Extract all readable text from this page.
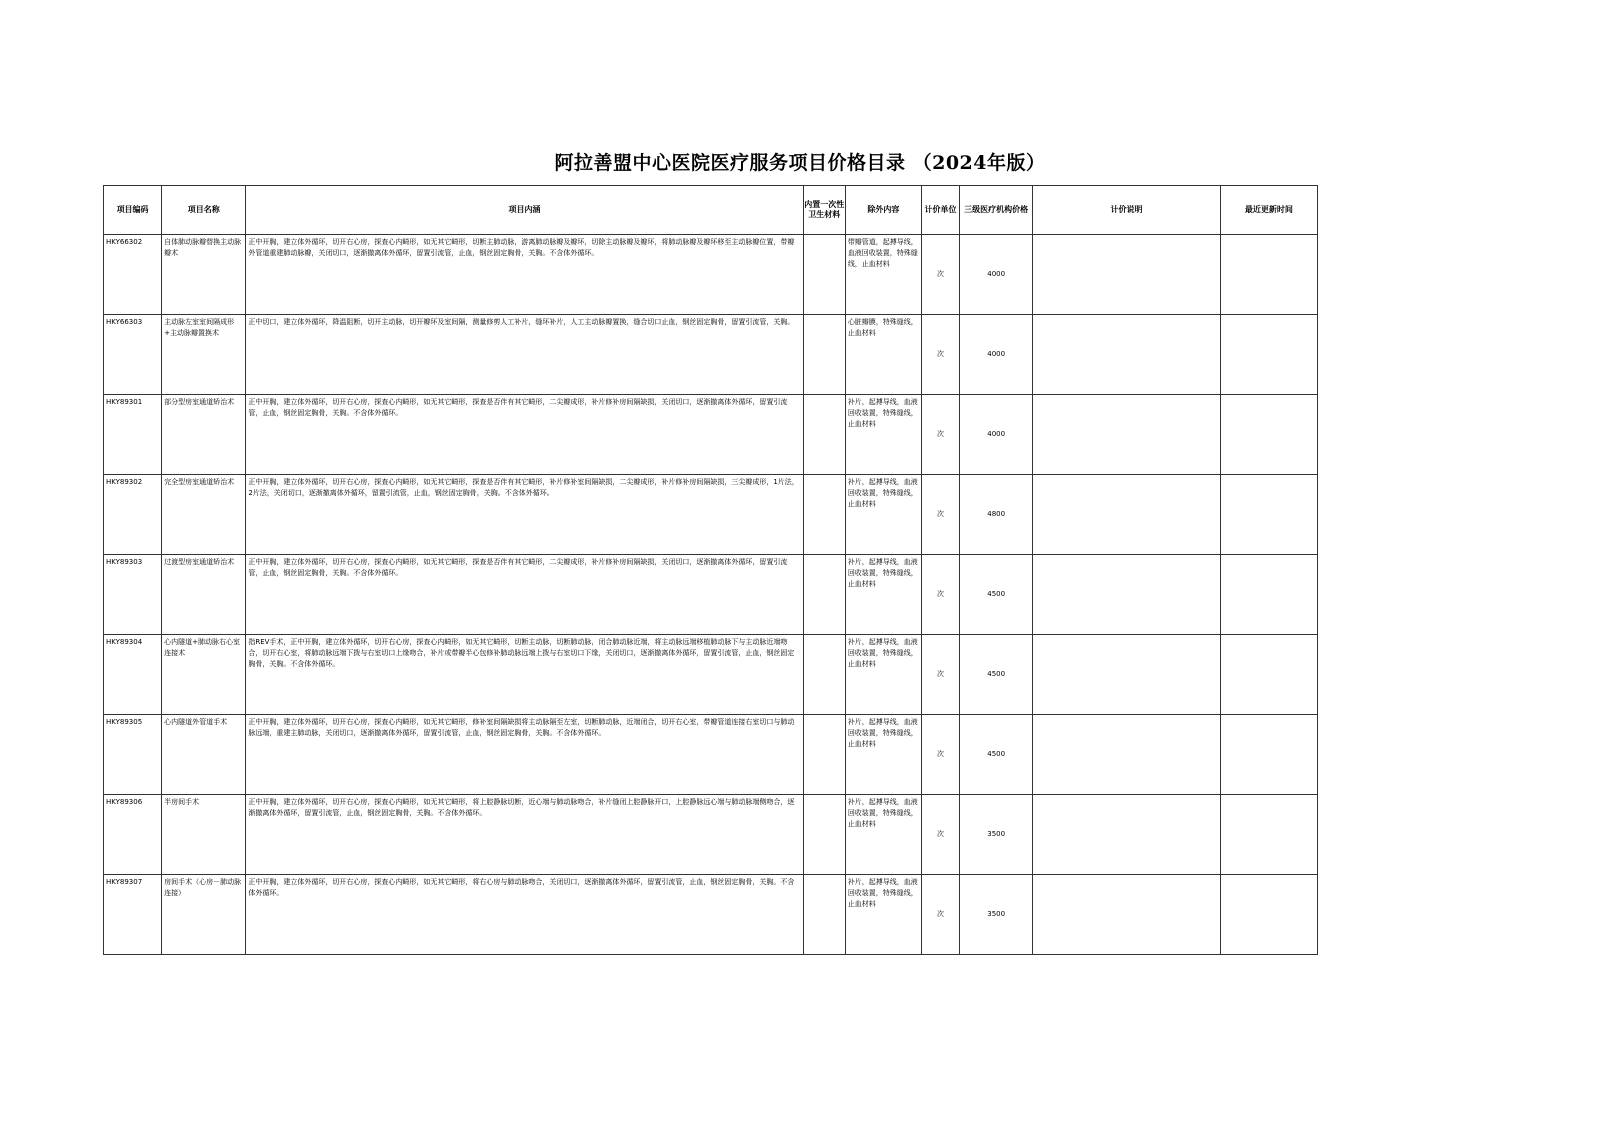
阿拉善盟中心医院医疗服务项目价格目录 （2024年版）
项目编码	项目名称	项目内涵	内置一次性卫生材料	除外内容	计价单位	三级医疗机构价格	计价说明	最近更新时间
HKY66302	自体肺动脉瓣替换主动脉瓣术	正中开胸，建立体外循环，切开右心房，探查心内畸形，如无其它畸形，切断主肺动脉，游离肺动脉瓣及瓣环，切除主动脉瓣及瓣环，将肺动脉瓣及瓣环移至主动脉瓣位置，带瓣外管道重建肺动脉瓣，关闭切口，逐渐撤离体外循环，留置引流管，止血，钢丝固定胸骨，关胸。不含体外循环。		带瓣管道，起搏导线，血液回收装置，特殊缝线，止血材料	次	4000		
HKY66303	主动脉左室室间隔成形+主动脉瓣置换术	正中切口，建立体外循环，降温阻断，切开主动脉，切开瓣环及室间隔，测量修剪人工补片，缝环补片，人工主动脉瓣置换，缝合切口止血，钢丝固定胸骨，留置引流管，关胸。		心脏瓣膜，特殊缝线，止血材料	次	4000		
HKY89301	部分型房室通道矫治术	正中开胸，建立体外循环，切开右心房，探查心内畸形，如无其它畸形，探查是否伴有其它畸形，二尖瓣成形，补片修补房间隔缺损，关闭切口，逐渐撤离体外循环，留置引流管，止血，钢丝固定胸骨，关胸。不含体外循环。		补片，起搏导线，血液回收装置，特殊缝线，止血材料	次	4000		
HKY89302	完全型房室通道矫治术	正中开胸，建立体外循环，切开右心房，探查心内畸形，如无其它畸形，探查是否伴有其它畸形，补片修补室间隔缺损，二尖瓣成形，补片修补房间隔缺损，三尖瓣成形，1片法，2片法，关闭切口，逐渐撤离体外循环，留置引流管，止血，钢丝固定胸骨，关胸。不含体外循环。		补片，起搏导线，血液回收装置，特殊缝线，止血材料	次	4800		
HKY89303	过渡型房室通道矫治术	正中开胸，建立体外循环，切开右心房，探查心内畸形，如无其它畸形，探查是否伴有其它畸形，二尖瓣成形，补片修补房间隔缺损，关闭切口，逐渐撤离体外循环，留置引流管，止血，钢丝固定胸骨，关胸。不含体外循环。		补片，起搏导线，血液回收装置，特殊缝线，止血材料	次	4500		
HKY89304	心内隧道+肺动脉右心室连接术	指REV手术，正中开胸，建立体外循环，切开右心房，探查心内畸形，如无其它畸形，切断主动脉，切断肺动脉，闭合肺动脉近端，将主动脉远端移植肺动脉下与主动脉近端吻合，切开右心室，将肺动脉远端下拨与右室切口上缘吻合，补片或带瓣半心包修补肺动脉远端上拨与右室切口下缘，关闭切口，逐渐撤离体外循环，留置引流管，止血，钢丝固定胸骨，关胸。不含体外循环。		补片，起搏导线，血液回收装置，特殊缝线，止血材料	次	4500		
HKY89305	心内隧道外管道手术	正中开胸，建立体外循环，切开右心房，探查心内畸形，如无其它畸形，修补室间隔缺损将主动脉隔至左室，切断肺动脉，近端闭合，切开右心室，带瓣管道连接右室切口与肺动脉远端，重建主肺动脉，关闭切口，逐渐撤离体外循环，留置引流管，止血，钢丝固定胸骨，关胸。不含体外循环。		补片，起搏导线，血液回收装置，特殊缝线，止血材料	次	4500		
HKY89306	半房间手术	正中开胸，建立体外循环，切开右心房，探查心内畸形，如无其它畸形，将上腔静脉切断，近心端与肺动脉吻合，补片缝闭上腔静脉开口，上腔静脉远心端与肺动脉端侧吻合，逐渐撤离体外循环，留置引流管，止血，钢丝固定胸骨，关胸。不含体外循环。		补片，起搏导线，血液回收装置，特殊缝线，止血材料	次	3500		
HKY89307	房间手术（心房－肺动脉连接）	正中开胸，建立体外循环，切开右心房，探查心内畸形，如无其它畸形，将右心房与肺动脉吻合，关闭切口，逐渐撤离体外循环，留置引流管，止血，钢丝固定胸骨，关胸。不含体外循环。		补片，起搏导线，血液回收装置，特殊缝线，止血材料	次	3500		
